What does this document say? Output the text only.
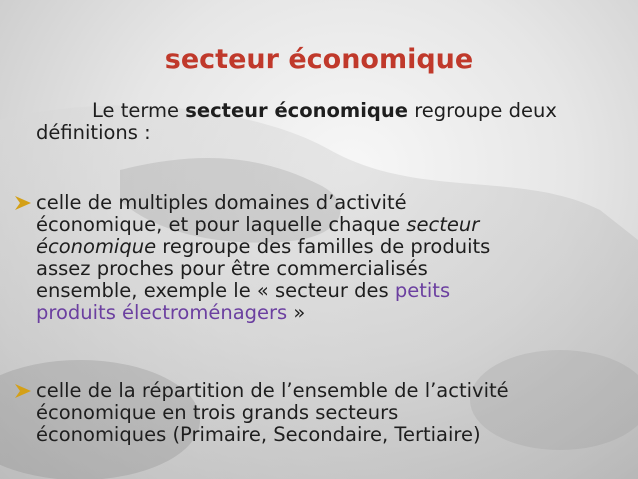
secteur économique
Le terme secteur économique regroupe deux
définitions :
celle de multiples domaines d’activité
économique, et pour laquelle chaque secteur
économique regroupe des familles de produits
assez proches pour être commercialisés
ensemble, exemple le « secteur des petits
produits électroménagers »
celle de la répartition de l’ensemble de l’activité
économique en trois grands secteurs
économiques (Primaire, Secondaire, Tertiaire)
